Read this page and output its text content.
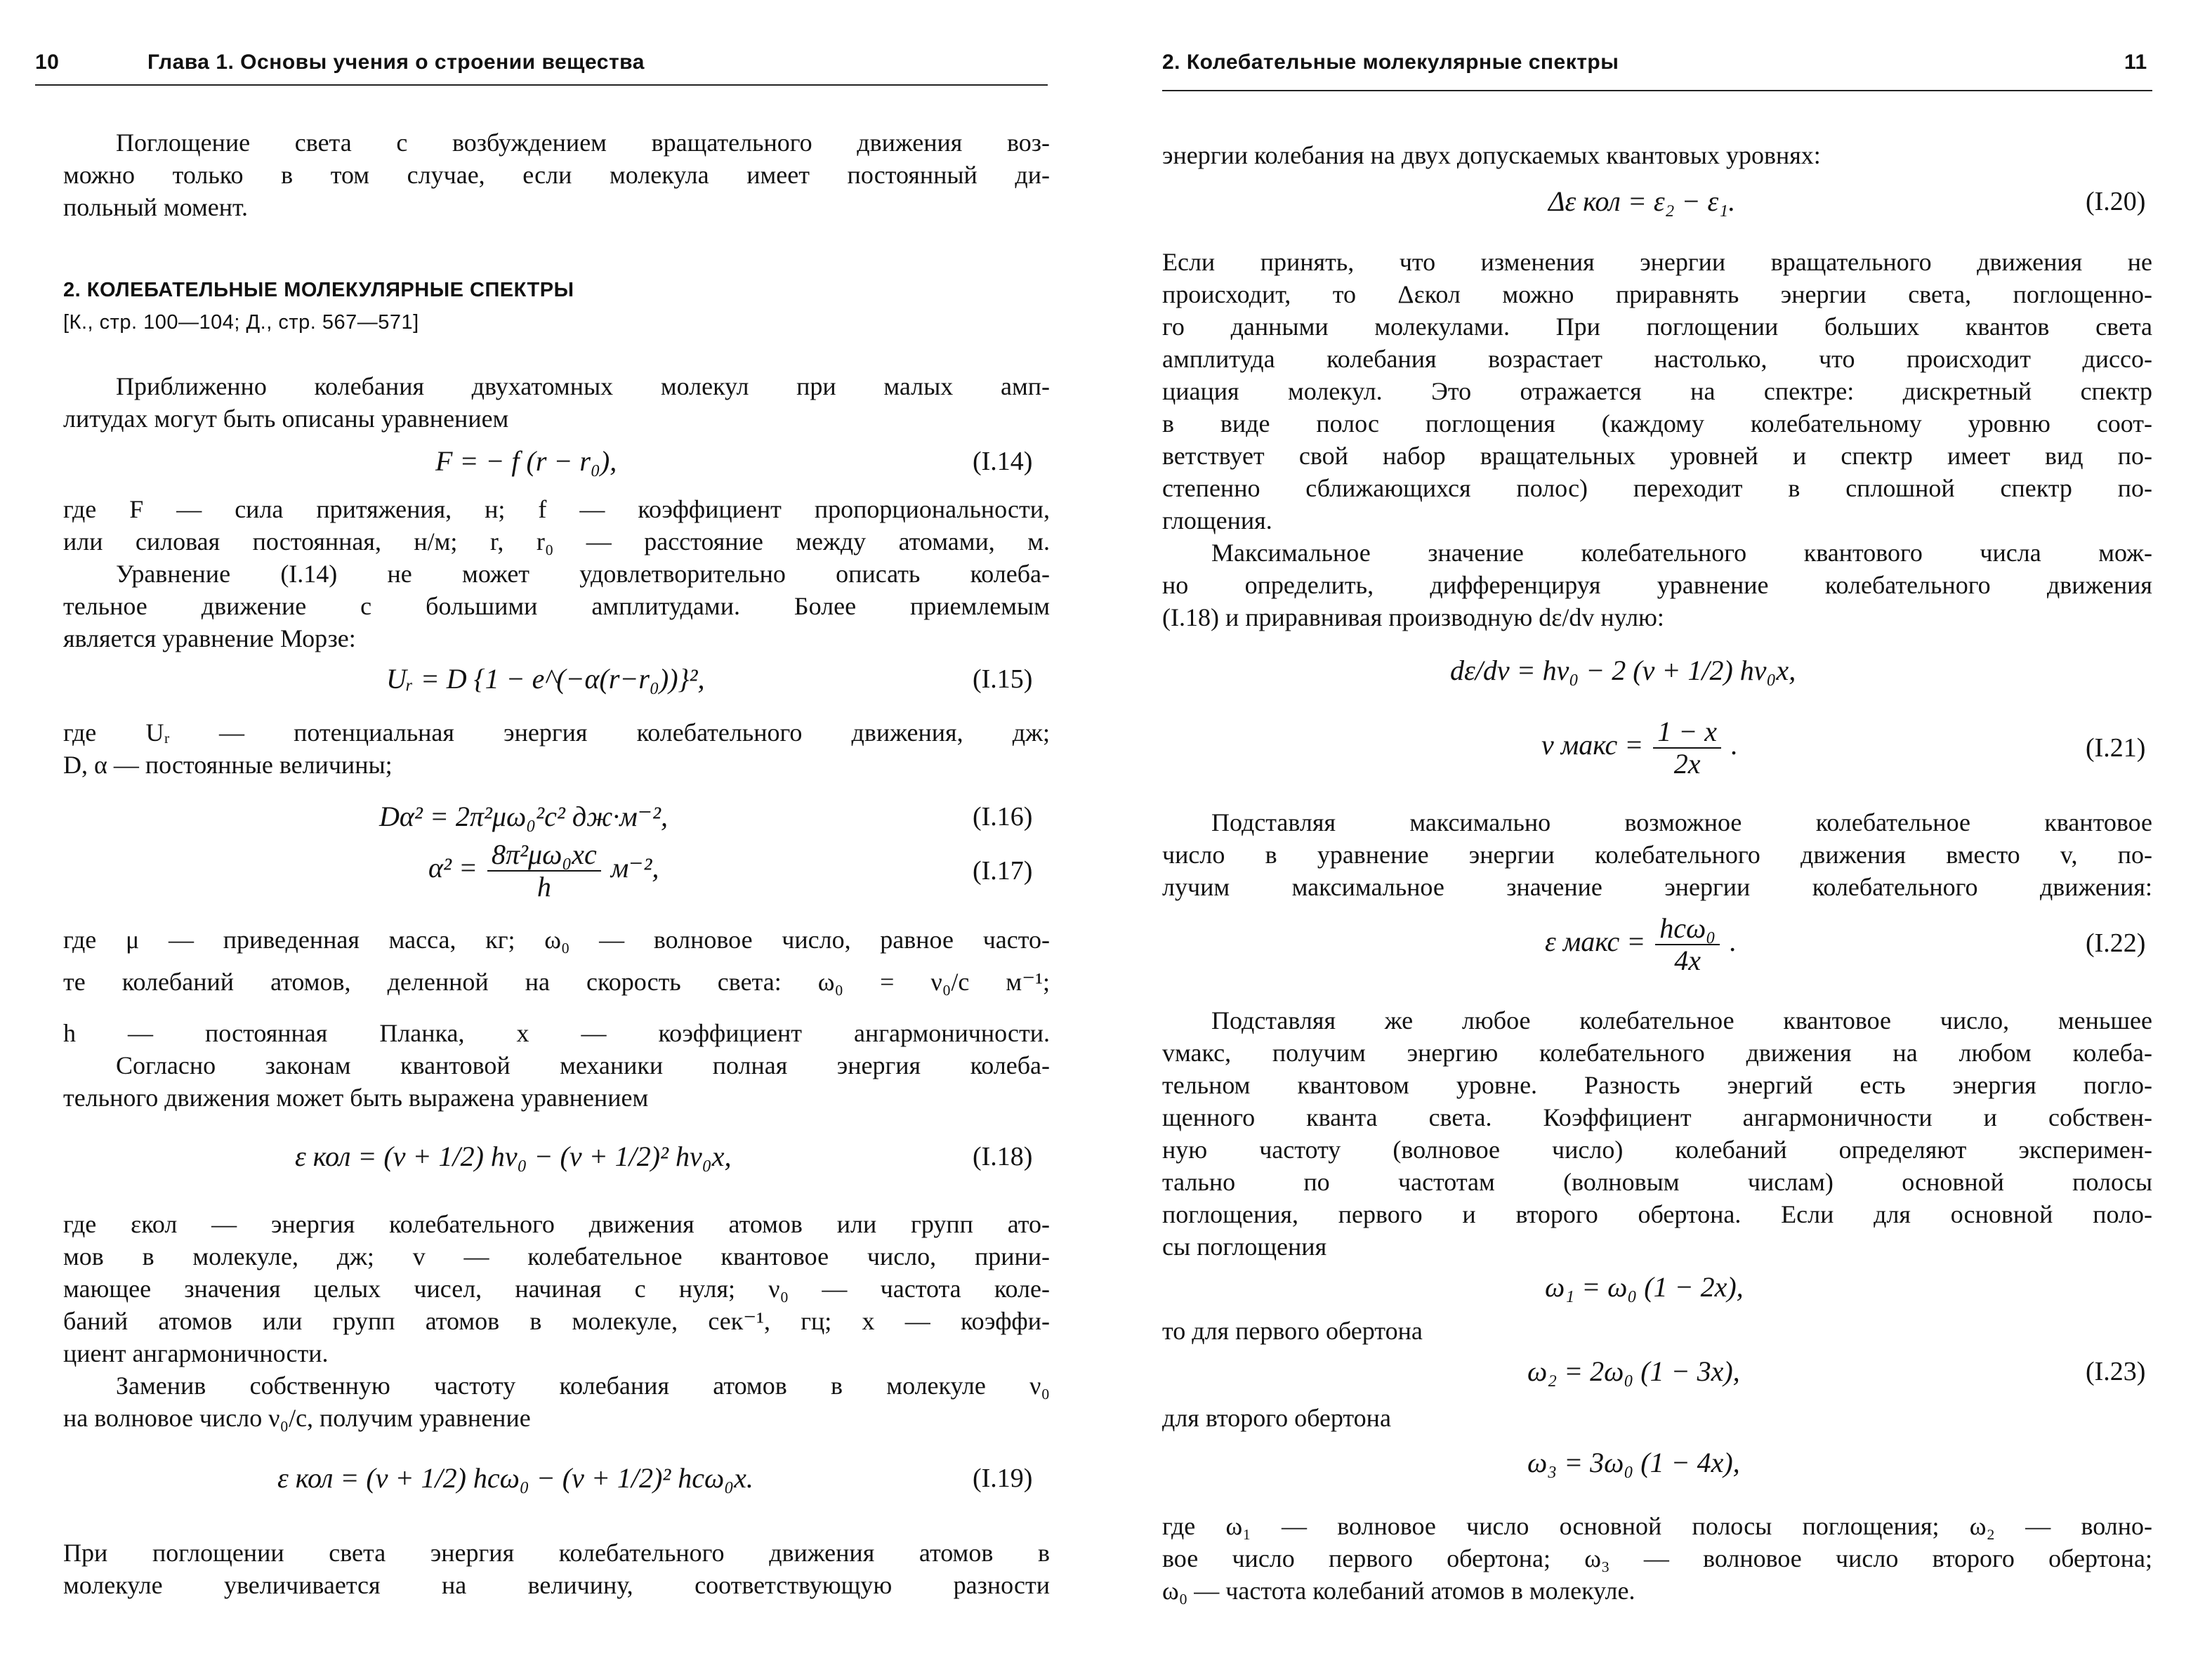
10	Глава 1. Основы учения о строении вещества
Поглощение света с возбуждением вращательного движения воз-
можно только в том случае, если молекула имеет постоянный ди-
польный момент.
2. КОЛЕБАТЕЛЬНЫЕ МОЛЕКУЛЯРНЫЕ СПЕКТРЫ
[К., стр. 100—104; Д., стр. 567—571]
Приближенно колебания двухатомных молекул при малых амп-
литудах могут быть описаны уравнением
F = − f (r − r₀),	(I.14)
где F — сила притяжения, н; f — коэффициент пропорциональности,
или силовая постоянная, н/м; r, r₀ — расстояние между атомами, м.
Уравнение (I.14) не может удовлетворительно описать колеба-
тельное движение с большими амплитудами. Более приемлемым
является уравнение Морзе:
Uᵣ = D {1 − e^(−α(r−r₀))}²,	(I.15)
где Uᵣ — потенциальная энергия колебательного движения, дж;
D, α — постоянные величины;
Dα² = 2π²μω₀²c² дж·м⁻²,	(I.16)
$\alpha^2 = \frac{\text{8π²μω₀xc}}{h} м^{-2}$,	(I.17)
где μ — приведенная масса, кг; ω₀ — волновое число, равное часто-
те колебаний атомов, деленной на скорость света: ω₀ = ν₀/c м⁻¹;
h — постоянная Планка, x — коэффициент ангармоничности.
Согласно законам квантовой механики полная энергия колеба-
тельного движения может быть выражена уравнением
ε кол = (v + 1/2) hν₀ − (v + 1/2)² hν₀x,	(I.18)
где εкол — энергия колебательного движения атомов или групп ато-
мов в молекуле, дж; v — колебательное квантовое число, прини-
мающее значения целых чисел, начиная с нуля; ν₀ — частота коле-
баний атомов или групп атомов в молекуле, сек⁻¹, гц; x — коэффи-
циент ангармоничности.
Заменив собственную частоту колебания атомов в молекуле ν₀
на волновое число ν₀/c, получим уравнение
ε кол = (v + 1/2) hcω₀ − (v + 1/2)² hcω₀x.	(I.19)
При поглощении света энергия колебательного движения атомов в
молекуле увеличивается на величину, соответствующую разности
2. Колебательные молекулярные спектры	11
энергии колебания на двух допускаемых квантовых уровнях:
Δε кол = ε₂ − ε₁.	(I.20)
Если принять, что изменения энергии вращательного движения не
происходит, то Δεкол можно приравнять энергии света, поглощенно-
го данными молекулами. При поглощении больших квантов света
амплитуда колебания возрастает настолько, что происходит диссо-
циация молекул. Это отражается на спектре: дискретный спектр
в виде полос поглощения (каждому колебательному уровню соот-
ветствует свой набор вращательных уровней и спектр имеет вид по-
степенно сближающихся полос) переходит в сплошной спектр по-
глощения.
Максимальное значение колебательного квантового числа мож-
но определить, дифференцируя уравнение колебательного движения
(I.18) и приравнивая производную dε/dv нулю:
dε/dv = hν₀ − 2 (v + 1/2) hν₀x,
v макс = $\frac{1 - x}{2x}$ .	(I.21)
Подставляя максимально возможное колебательное квантовое
число в уравнение энергии колебательного движения вместо v, по-
лучим максимальное значение энергии колебательного движения:
ε макс = $\frac{\text{hcω₀}}{4x}$ .	(I.22)
Подставляя же любое колебательное квантовое число, меньшее
vмакс, получим энергию колебательного движения на любом колеба-
тельном квантовом уровне. Разность энергий есть энергия погло-
щенного кванта света. Коэффициент ангармоничности и собствен-
ную частоту (волновое число) колебаний определяют эксперимен-
тально по частотам (волновым числам) основной полосы
поглощения, первого и второго обертона. Если для основной поло-
сы поглощения
ω₁ = ω₀ (1 − 2x),
то для первого обертона
ω₂ = 2ω₀ (1 − 3x),	(I.23)
для второго обертона
ω₃ = 3ω₀ (1 − 4x),
где ω₁ — волновое число основной полосы поглощения; ω₂ — волно-
вое число первого обертона; ω₃ — волновое число второго обертона;
ω₀ — частота колебаний атомов в молекуле.
